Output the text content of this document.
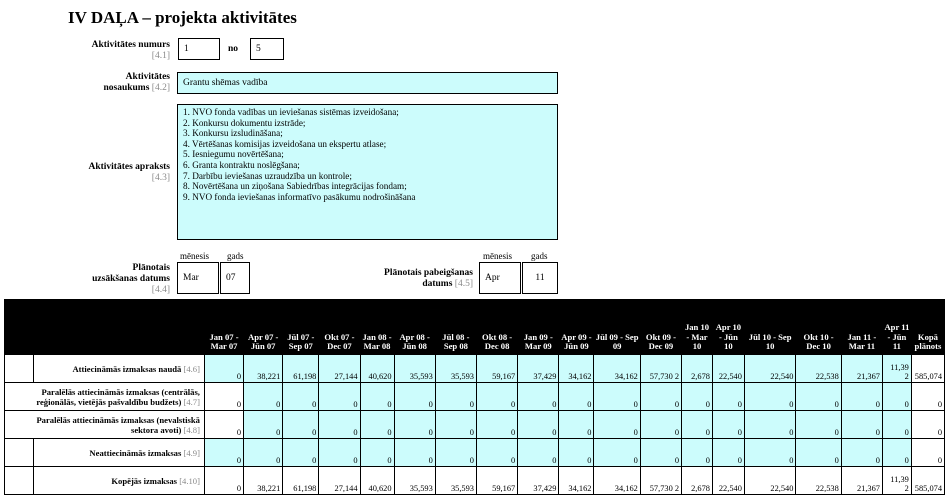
IV DAĻA – projekta aktivitātes
Aktivitātes numurs
[4.1]
1	no	5
Aktivitātes
nosaukums [4.2]	Grantu shēmas vadība
Aktivitātes apraksts
[4.3]
1. NVO fonda vadības un ieviešanas sistēmas izveidošana;
2. Konkursu dokumentu izstrāde;
3. Konkursu izsludināšana;
4. Vērtēšanas komisijas izveidošana un ekspertu atlase;
5. Iesniegumu novērtēšana;
6. Granta kontraktu noslēgšana;
7. Darbību ieviešanas uzraudzība un kontrole;
8. Novērtēšana un ziņošana Sabiedrības integrācijas fondam;
9. NVO fonda ieviešanas informatīvo pasākumu nodrošināšana
mēnesis gads
Plānotais
uzsākšanas datums
[4.4]
Mar	07
mēnesis gads
Plānotais pabeigšanas
datums [4.5]
Apr	11
		Jan 07 - Mar 07	Apr 07 - Jūn 07	Jūl 07 - Sep 07	Okt 07 - Dec 07	Jan 08 - Mar 08	Apr 08 - Jūn 08	Jūl 08 - Sep 08	Okt 08 - Dec 08	Jan 09 - Mar 09	Apr 09 - Jūn 09	Jūl 09 - Sep 09	Okt 09 - Dec 09	Jan 10 - Mar 10	Apr 10 - Jūn 10	Jūl 10 - Sep 10	Okt 10 - Dec 10	Jan 11 - Mar 11	Apr 11 - Jūn 11	Kopā plānots
	Attiecināmās izmaksas naudā [4.6]	0	38,221	61,198	27,144	40,620	35,593	35,593	59,167	37,429	34,162	34,162	57,730 2	2,678	22,540	22,540	22,538	21,367	11,39 2	585,074
Paralēlās attiecināmās izmaksas (centrālās, reģionālās, vietējās pašvaldību budžets) [4.7]		0	0	0	0	0	0	0	0	0	0	0	0	0	0	0	0	0	0	0
Paralēlās attiecināmās izmaksas (nevalstiskā sektora avoti) [4.8]		0	0	0	0	0	0	0	0	0	0	0	0	0	0	0	0	0	0	0
	Neattiecināmās izmaksas [4.9]	0	0	0	0	0	0	0	0	0	0	0	0	0	0	0	0	0	0	0
	Kopējās izmaksas [4.10]	0	38,221	61,198	27,144	40,620	35,593	35,593	59,167	37,429	34,162	34,162	57,730 2	2,678	22,540	22,540	22,538	21,367	11,39 2	585,074
